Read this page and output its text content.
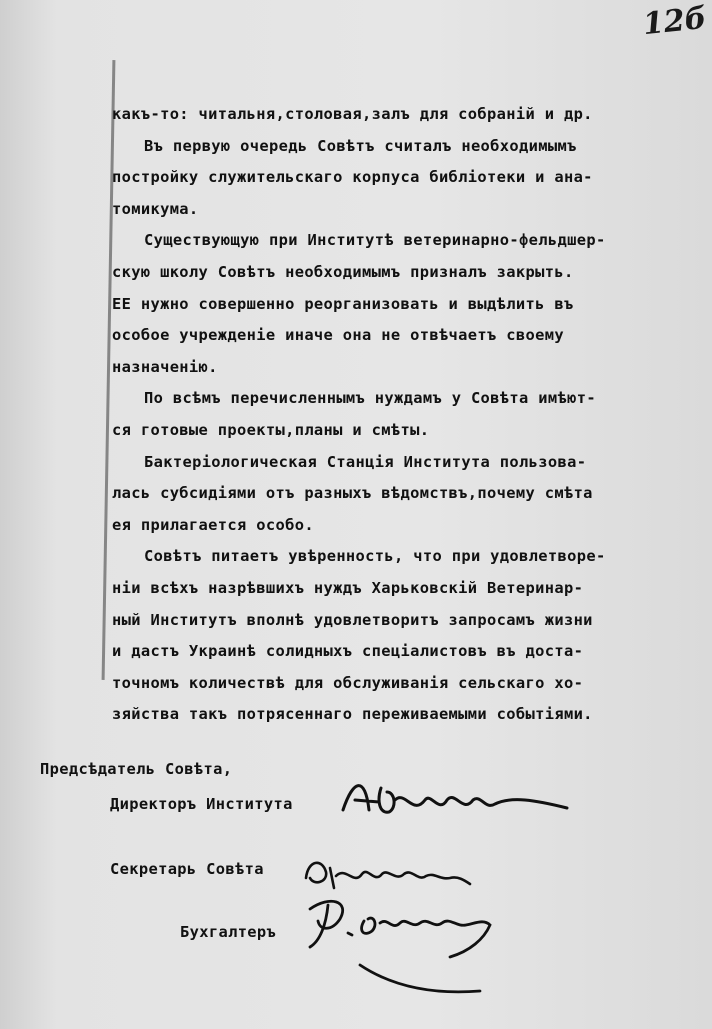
12б
какъ-то: читальня,столовая,залъ для собраній и др.
Въ первую очередь Совѣтъ считалъ необходимымъ
постройку служительскаго корпуса библіотеки и ана-
томикума.
Существующую при Институтѣ ветеринарно-фельдшер-
скую школу Совѣтъ необходимымъ призналъ закрыть.
ЕЕ нужно совершенно реорганизовать и выдѣлить въ
особое учрежденіе иначе она не отвѣчаетъ своему
назначенію.
По всѣмъ перечисленнымъ нуждамъ у Совѣта имѣют-
ся готовые проекты,планы и смѣты.
Бактеріологическая Станція Института пользова-
лась субсидіями отъ разныхъ вѣдомствъ,почему смѣта
ея прилагается особо.
Совѣтъ питаетъ увѣренность, что при удовлетворе-
ніи всѣхъ назрѣвшихъ нуждъ Харьковскій Ветеринар-
ный Институтъ вполнѣ удовлетворитъ запросамъ жизни
и дастъ Украинѣ солидныхъ спеціалистовъ въ доста-
точномъ количествѣ для обслуживанія сельскаго хо-
зяйства такъ потрясеннаго переживаемыми событіями.
Предсѣдатель Совѣта,
Директоръ Института
Секретарь Совѣта
Бухгалтеръ
